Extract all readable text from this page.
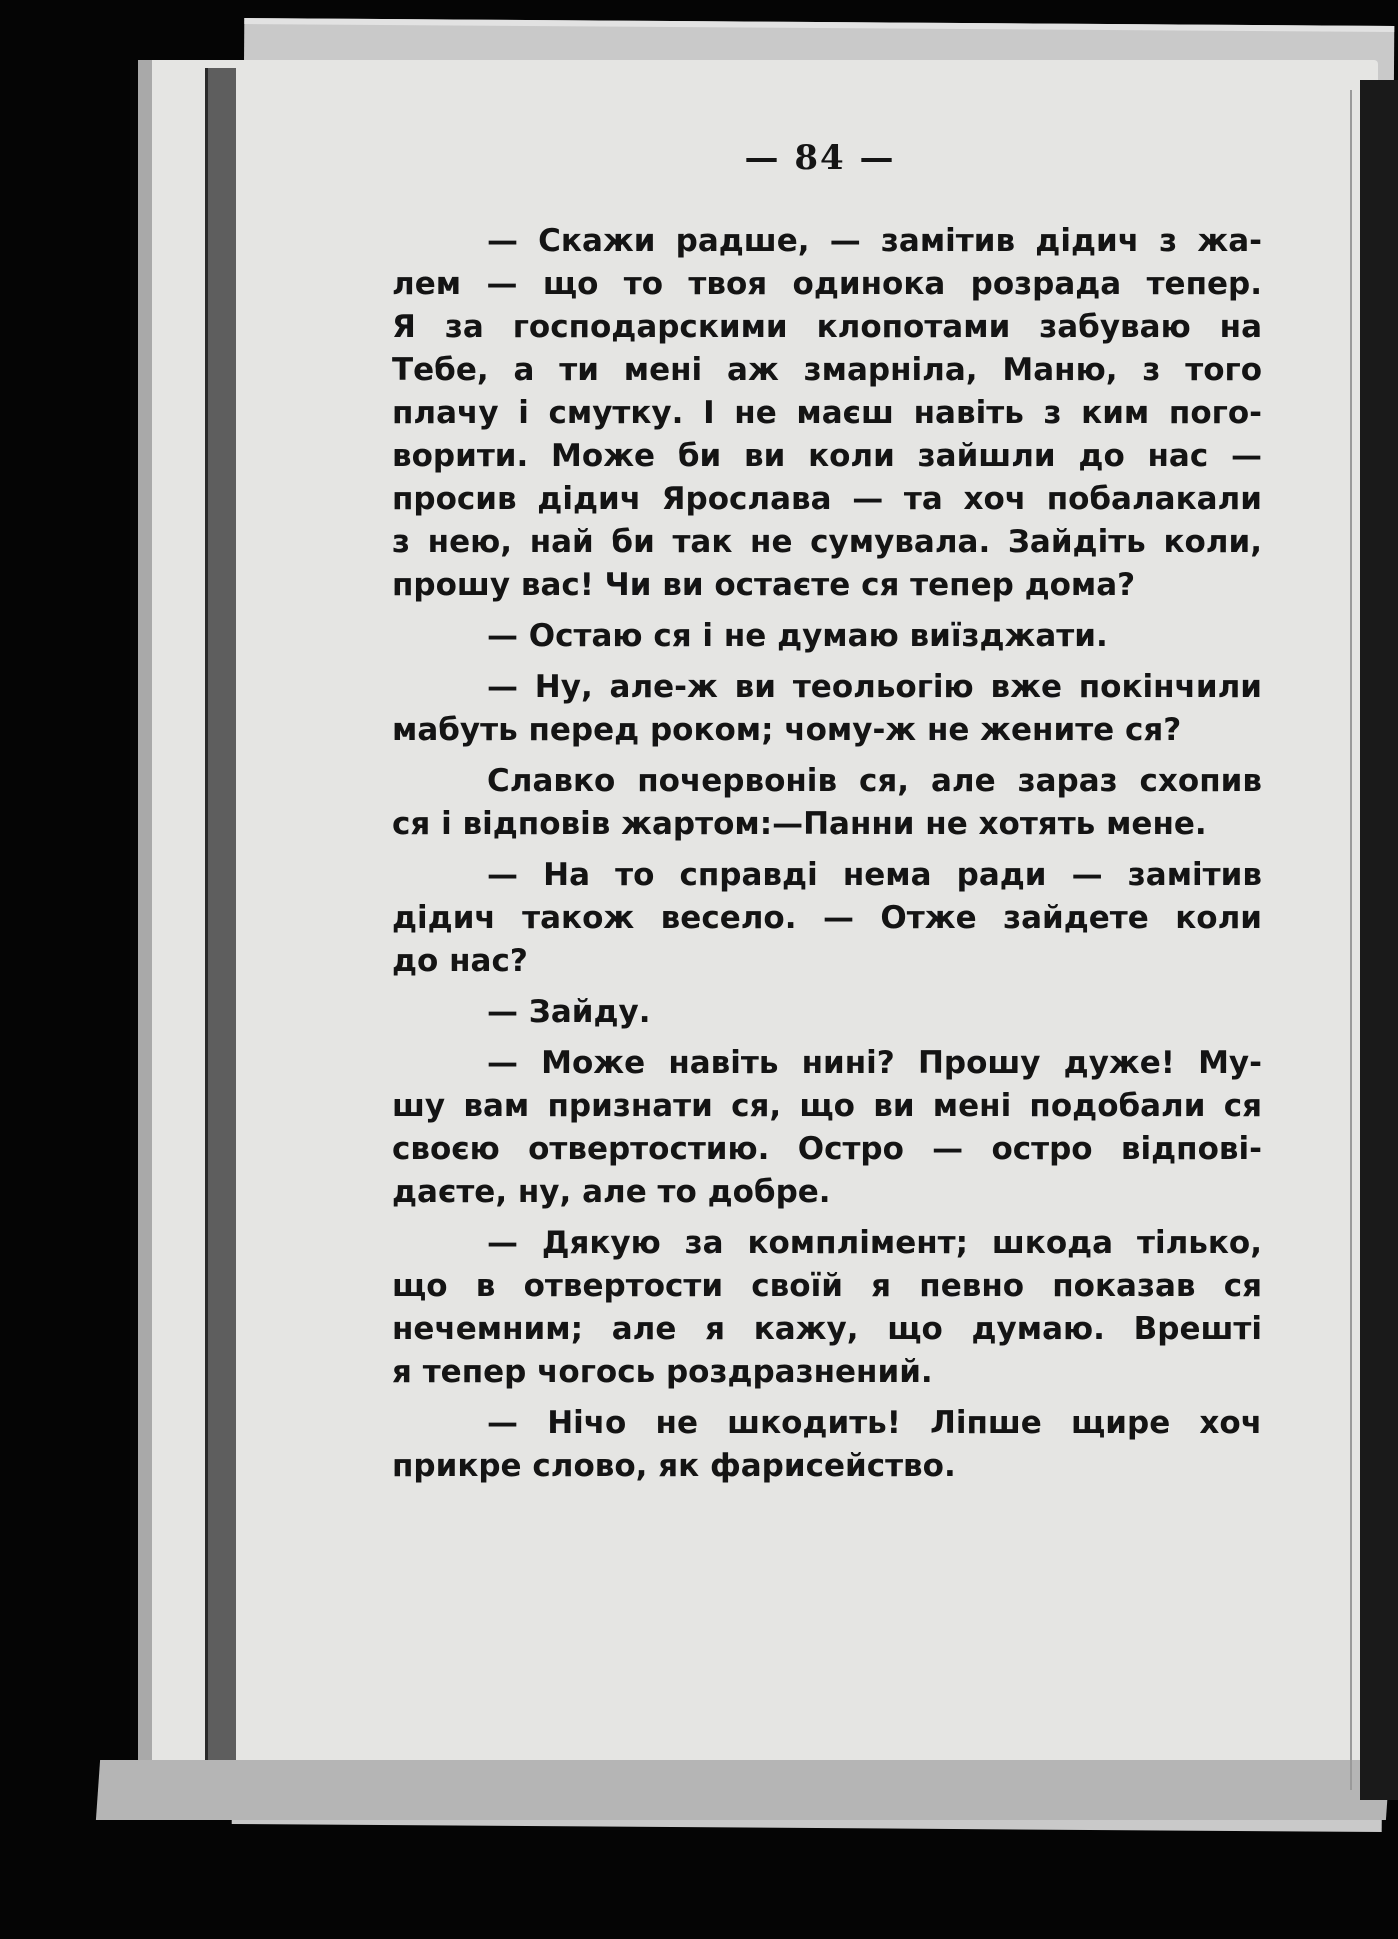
— 84 —
— Скажи радше, — замітив дідич з жа-
лем — що то твоя одинока розрада тепер.
Я за господарскими клопотами забуваю на
Тебе, а ти мені аж змарніла, Маню, з того
плачу і смутку. І не маєш навіть з ким пого-
ворити. Може би ви коли зайшли до нас —
просив дідич Ярослава — та хоч побалакали
з нею, най би так не сумувала. Зайдіть коли,
прошу вас! Чи ви остаєте ся тепер дома?
— Остаю ся і не думаю виїзджати.
— Ну, але-ж ви теольогію вже покінчили
мабуть перед роком; чому-ж не жените ся?
Славко почервонів ся, але зараз схопив
ся і відповів жартом:—Панни не хотять мене.
— На то справді нема ради — замітив
дідич також весело. — Отже зайдете коли
до нас?
— Зайду.
— Може навіть нині? Прошу дуже! Му-
шу вам признати ся, що ви мені подобали ся
своєю отвертостию. Остро — остро відпові-
даєте, ну, але то добре.
— Дякую за комплімент; шкода тілько,
що в отвертости своїй я певно показав ся
нечемним; але я кажу, що думаю. Врешті
я тепер чогось роздразнений.
— Нічо не шкодить! Ліпше щире хоч
прикре слово, як фарисейство.
